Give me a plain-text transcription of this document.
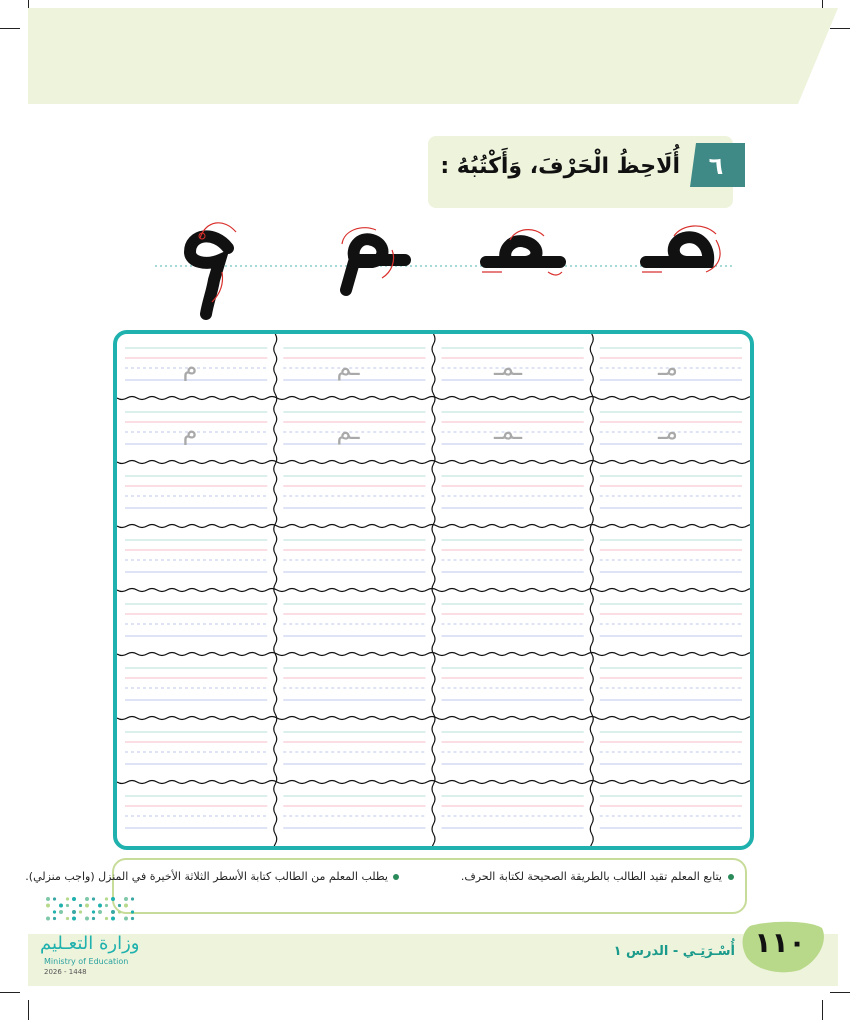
٦
أُلَاحِظُ الْحَرْفَ، وَأَكْتُبُهُ :
مـ
ـمـ
ـم
م
مـ
ـمـ
ـم
م
يتابع المعلم تقيد الطالب بالطريقة الصحيحة لكتابة الحرف.
يطلب المعلم من الطالب كتابة الأسطر الثلاثة الأخيرة في المنزل (واجب منزلي).
١١٠
أُسْـرَتِـي - الدرس ١
وزارة التعـليم
Ministry of Education
2026 - 1448
